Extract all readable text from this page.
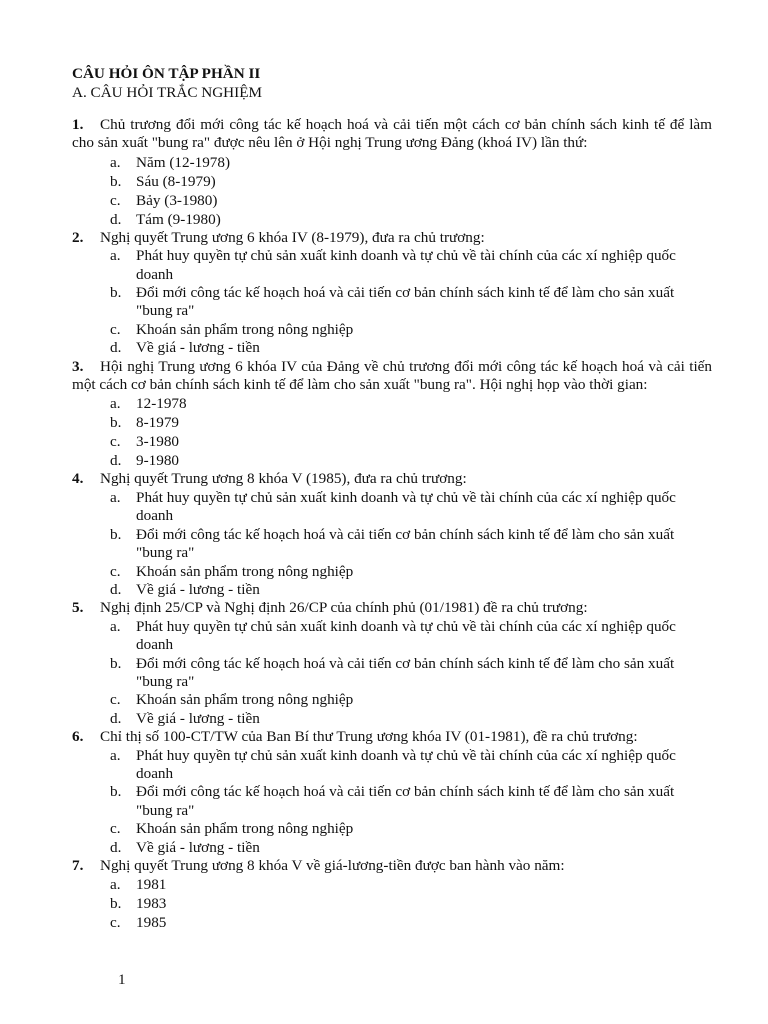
CÂU HỎI ÔN TẬP PHẦN II

A. CÂU HỎI TRẮC NGHIỆM

1. Chủ trương đổi mới công tác kế hoạch hoá và cải tiến một cách cơ bản chính sách kinh tế để làm cho sản xuất "bung ra" được nêu lên ở Hội nghị Trung ương Đảng (khoá IV) lần thứ:
a. Năm (12-1978)
b. Sáu (8-1979)
c. Bảy (3-1980)
d. Tám (9-1980)
2. Nghị quyết Trung ương 6 khóa IV (8-1979), đưa ra chủ trương:
a. Phát huy quyền tự chủ sản xuất kinh doanh và tự chủ về tài chính của các xí nghiệp quốc doanh
b. Đổi mới công tác kế hoạch hoá và cải tiến cơ bản chính sách kinh tế để làm cho sản xuất "bung ra"
c. Khoán sản phẩm trong nông nghiệp
d. Về giá - lương - tiền
3. Hội nghị Trung ương 6 khóa IV của Đảng về chủ trương đổi mới công tác kế hoạch hoá và cải tiến một cách cơ bản chính sách kinh tế để làm cho sản xuất "bung ra". Hội nghị họp vào thời gian:
a. 12-1978
b. 8-1979
c. 3-1980
d. 9-1980
4. Nghị quyết Trung ương 8 khóa V (1985), đưa ra chủ trương:
a. Phát huy quyền tự chủ sản xuất kinh doanh và tự chủ về tài chính của các xí nghiệp quốc doanh
b. Đổi mới công tác kế hoạch hoá và cải tiến cơ bản chính sách kinh tế để làm cho sản xuất "bung ra"
c. Khoán sản phẩm trong nông nghiệp
d. Về giá - lương - tiền
5. Nghị định 25/CP và Nghị định 26/CP của chính phủ (01/1981) đề ra chủ trương:
a. Phát huy quyền tự chủ sản xuất kinh doanh và tự chủ về tài chính của các xí nghiệp quốc doanh
b. Đổi mới công tác kế hoạch hoá và cải tiến cơ bản chính sách kinh tế để làm cho sản xuất "bung ra"
c. Khoán sản phẩm trong nông nghiệp
d. Về giá - lương - tiền
6. Chỉ thị số 100-CT/TW của Ban Bí thư Trung ương khóa IV (01-1981), đề ra chủ trương:
a. Phát huy quyền tự chủ sản xuất kinh doanh và tự chủ về tài chính của các xí nghiệp quốc doanh
b. Đổi mới công tác kế hoạch hoá và cải tiến cơ bản chính sách kinh tế để làm cho sản xuất "bung ra"
c. Khoán sản phẩm trong nông nghiệp
d. Về giá - lương - tiền
7. Nghị quyết Trung ương 8 khóa V về giá-lương-tiền được ban hành vào năm:
a. 1981
b. 1983
c. 1985
1
